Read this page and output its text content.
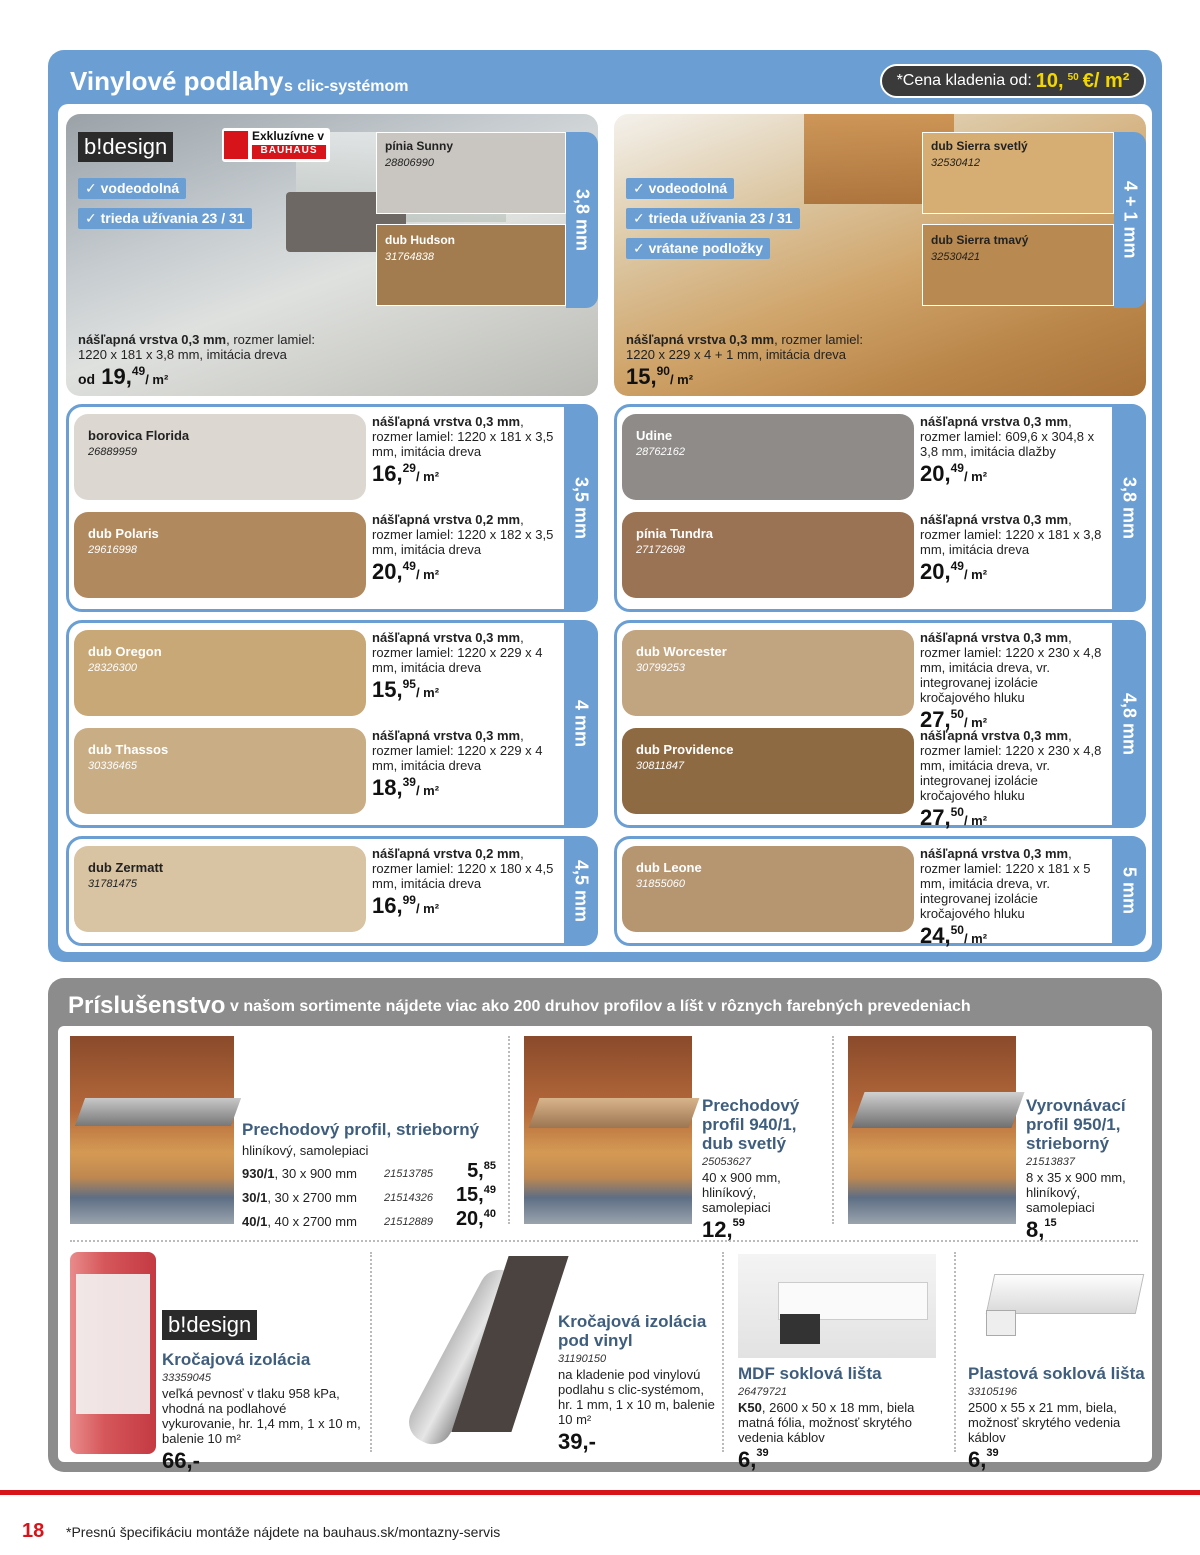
Vinylové podlahy s clic-systémom	*Cena kladenia od: 10, $^{50}$ €/ m²
b!design	Exkluzívne v
BAUHAUS
✓ vodeodolná
✓ trieda užívania 23 / 31
pínia Sunny
28806990
dub Hudson
31764838
3,8 mm
nášľapná vrstva 0,3 mm, rozmer lamiel:
1220 x 181 x 3,8 mm, imitácia dreva
od 19,49/ m²
✓ vodeodolná
✓ trieda užívania 23 / 31
✓ vrátane podložky
dub Sierra svetlý
32530412
dub Sierra tmavý
32530421	4 + 1 mm
nášľapná vrstva 0,3 mm, rozmer lamiel:
1220 x 229 x 4 + 1 mm, imitácia dreva
15,90/ m²
3,5 mm
borovica Florida
26889959
nášľapná vrstva 0,3 mm, rozmer lamiel: 1220 x 181 x 3,5 mm, imitácia dreva
16,29/ m²
dub Polaris
29616998
nášľapná vrstva 0,2 mm, rozmer lamiel: 1220 x 182 x 3,5 mm, imitácia dreva
20,49/ m²
4 mm
dub Oregon
28326300
nášľapná vrstva 0,3 mm, rozmer lamiel: 1220 x 229 x 4 mm, imitácia dreva
15,95/ m²
dub Thassos
30336465
nášľapná vrstva 0,3 mm, rozmer lamiel: 1220 x 229 x 4 mm, imitácia dreva
18,39/ m²
4,5 mm
dub Zermatt
31781475
nášľapná vrstva 0,2 mm, rozmer lamiel: 1220 x 180 x 4,5 mm, imitácia dreva
16,99/ m²
3,8 mm
Udine
28762162
nášľapná vrstva 0,3 mm, rozmer lamiel: 609,6 x 304,8 x 3,8 mm, imitácia dlažby
20,49/ m²
pínia Tundra
27172698
nášľapná vrstva 0,3 mm, rozmer lamiel: 1220 x 181 x 3,8 mm, imitácia dreva
20,49/ m²
4,8 mm
dub Worcester
30799253
nášľapná vrstva 0,3 mm, rozmer lamiel: 1220 x 230 x 4,8 mm, imitácia dreva, vr. integrovanej izolácie kročajového hluku
27,50/ m²
dub Providence
30811847
nášľapná vrstva 0,3 mm, rozmer lamiel: 1220 x 230 x 4,8 mm, imitácia dreva, vr. integrovanej izolácie kročajového hluku
27,50/ m²
5 mm
dub Leone
31855060
nášľapná vrstva 0,3 mm, rozmer lamiel: 1220 x 181 x 5 mm, imitácia dreva, vr. integrovanej izolácie kročajového hluku
24,50/ m²
Príslušenstvo v našom sortimente nájdete viac ako 200 druhov profilov a líšt v rôznych farebných prevedeniach
Prechodový profil, strieborný
hliníkový, samolepiaci
930/1, 30 x 900 mm	21513785	5,85
30/1, 30 x 2700 mm	21514326	15,49
40/1, 40 x 2700 mm	21512889	20,40
Prechodový profil 940/1, dub svetlý
25053627
40 x 900 mm, hliníkový, samolepiaci
12,59
Vyrovnávací profil 950/1, strieborný
21513837
8 x 35 x 900 mm, hliníkový, samolepiaci
8,15
b!design
Kročajová izolácia
33359045
veľká pevnosť v tlaku 958 kPa, vhodná na podlahové vykurovanie, hr. 1,4 mm, 1 x 10 m, balenie 10 m²
66,-
Kročajová izolácia pod vinyl
31190150
na kladenie pod vinylovú podlahu s clic-systémom, hr. 1 mm, 1 x 10 m, balenie 10 m²
39,-
MDF soklová lišta
26479721
K50, 2600 x 50 x 18 mm, biela matná fólia, možnosť skrytého vedenia káblov
6,39
Plastová soklová lišta
33105196
2500 x 55 x 21 mm, biela, možnosť skrytého vedenia káblov
6,39
18 *Presnú špecifikáciu montáže nájdete na bauhaus.sk/montazny-servis
